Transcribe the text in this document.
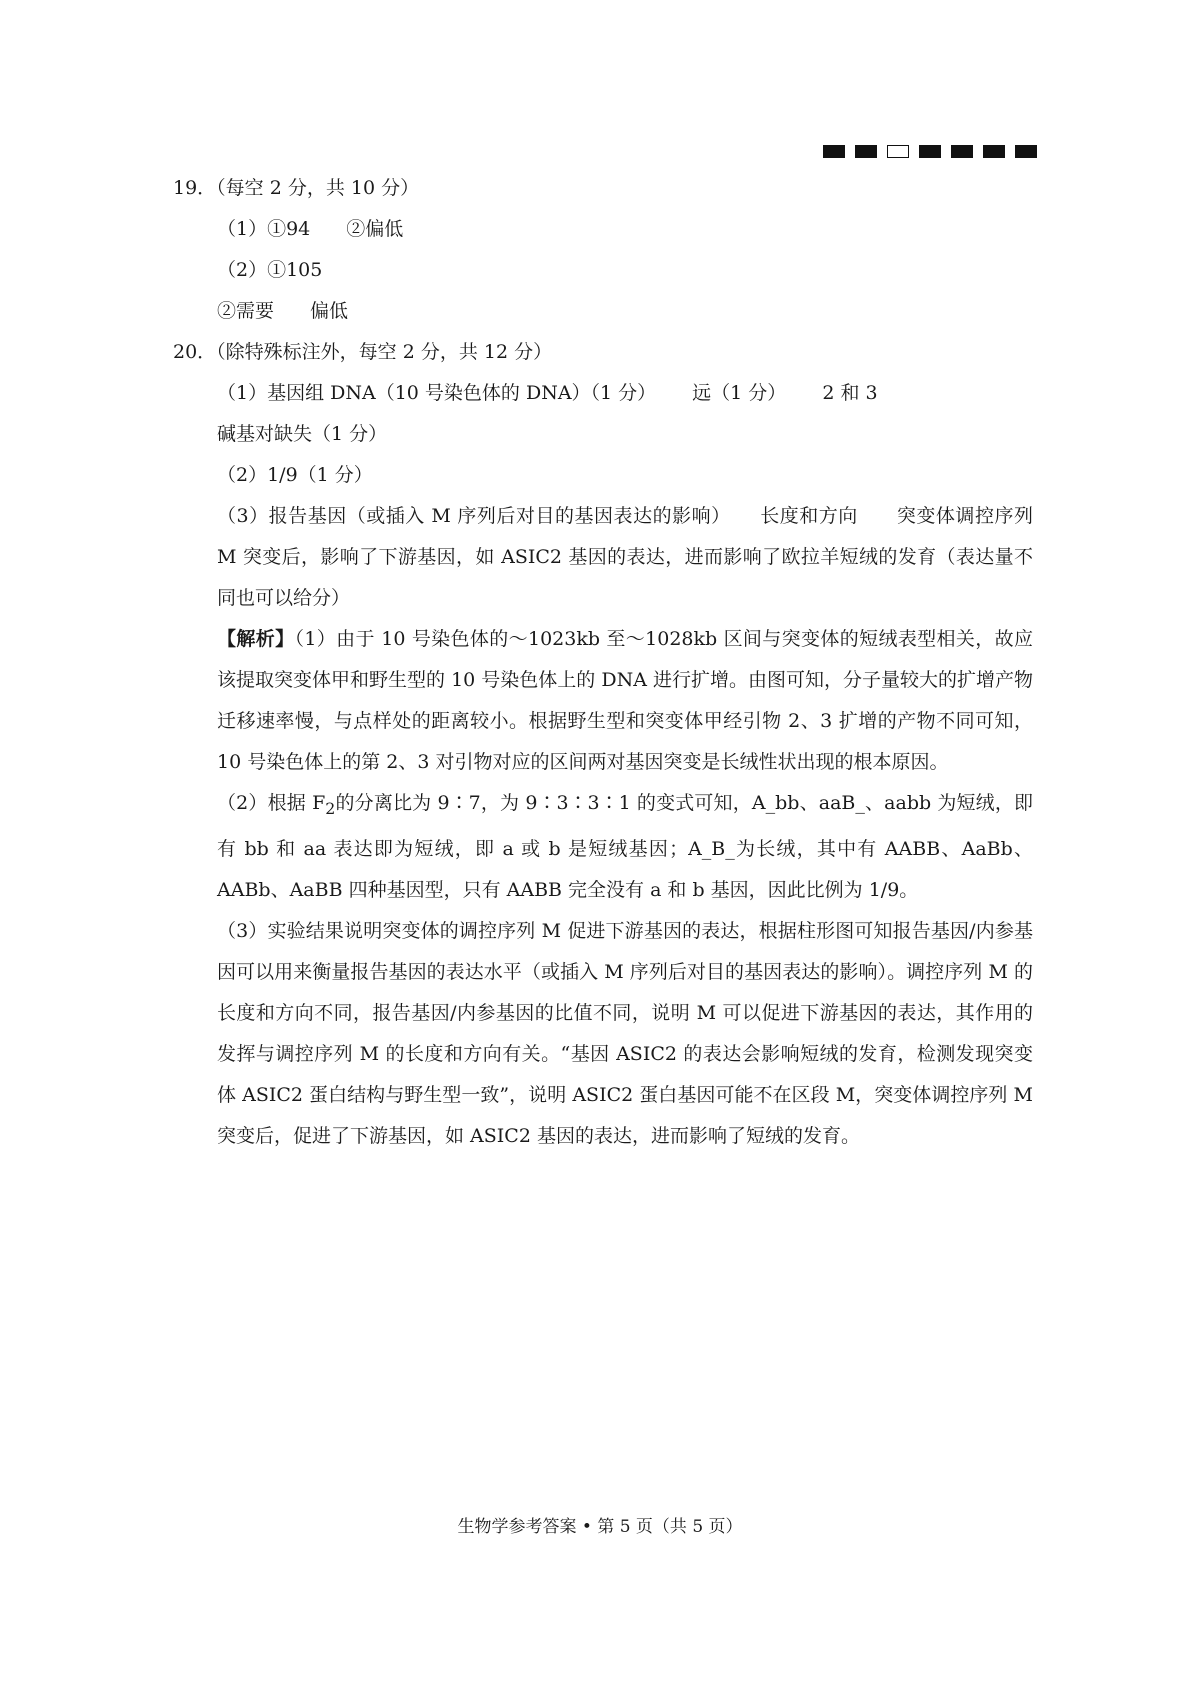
19．（每空 2 分，共 10 分）
（1）①94 ②偏低
（2）①105
②需要 偏低
20．（除特殊标注外，每空 2 分，共 12 分）
（1）基因组 DNA（10 号染色体的 DNA）（1 分） 远（1 分） 2 和 3
碱基对缺失（1 分）
（2）1/9（1 分）
（3）报告基因（或插入 M 序列后对目的基因表达的影响）　　长度和方向　　突变体调控序列 M 突变后，影响了下游基因，如 ASIC2 基因的表达，进而影响了欧拉羊短绒的发育（表达量不同也可以给分）
【解析】（1）由于 10 号染色体的～1023kb 至～1028kb 区间与突变体的短绒表型相关，故应该提取突变体甲和野生型的 10 号染色体上的 DNA 进行扩增。由图可知，分子量较大的扩增产物迁移速率慢，与点样处的距离较小。根据野生型和突变体甲经引物 2、3 扩增的产物不同可知，10 号染色体上的第 2、3 对引物对应的区间两对基因突变是长绒性状出现的根本原因。
（2）根据 $F_2$的分离比为 9∶7，为 9∶3∶3∶1 的变式可知，A_bb、aaB_、aabb 为短绒，即有 bb 和 aa 表达即为短绒，即 a 或 b 是短绒基因；A_B_为长绒，其中有 AABB、AaBb、AABb、AaBB 四种基因型，只有 AABB 完全没有 a 和 b 基因，因此比例为 1/9。
（3）实验结果说明突变体的调控序列 M 促进下游基因的表达，根据柱形图可知报告基因/内参基因可以用来衡量报告基因的表达水平（或插入 M 序列后对目的基因表达的影响）。调控序列 M 的长度和方向不同，报告基因/内参基因的比值不同，说明 M 可以促进下游基因的表达，其作用的发挥与调控序列 M 的长度和方向有关。“基因 ASIC2 的表达会影响短绒的发育，检测发现突变体 ASIC2 蛋白结构与野生型一致”，说明 ASIC2 蛋白基因可能不在区段 M，突变体调控序列 M 突变后，促进了下游基因，如 ASIC2 基因的表达，进而影响了短绒的发育。
生物学参考答案 • 第 5 页（共 5 页）
